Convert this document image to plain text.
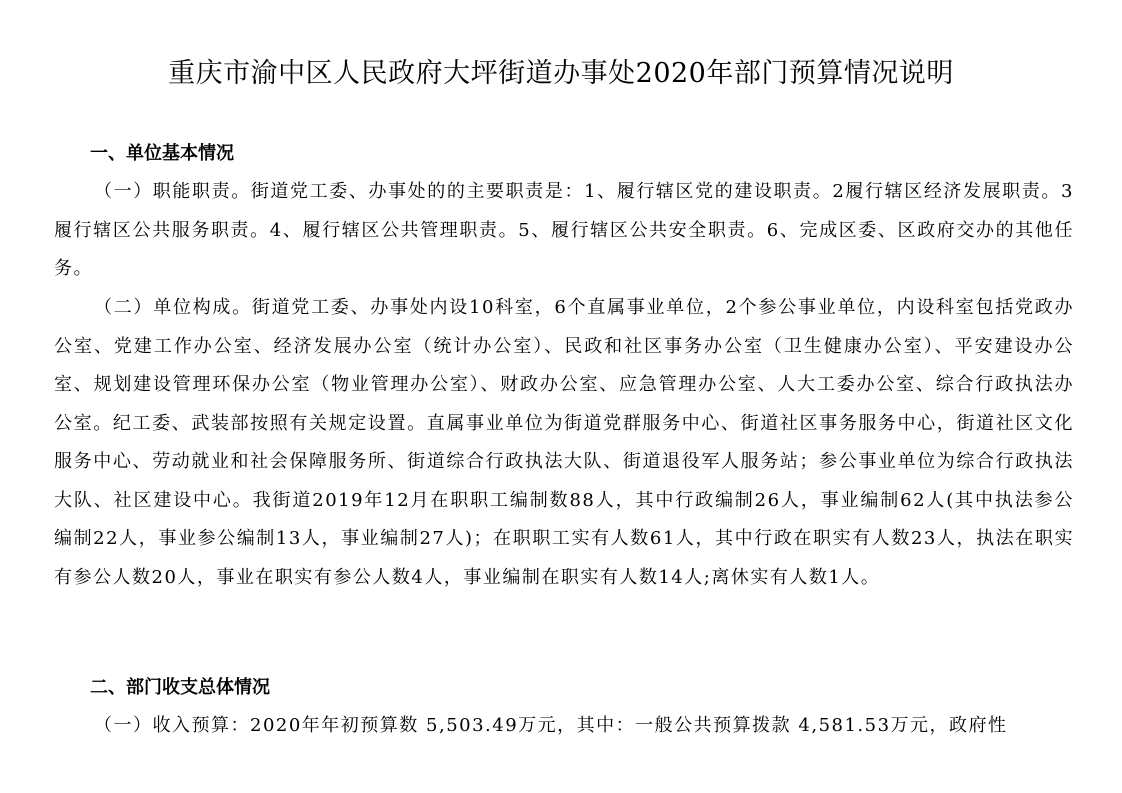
重庆市渝中区人民政府大坪街道办事处2020年部门预算情况说明
一、单位基本情况

（一）职能职责。街道党工委、办事处的的主要职责是：1、履行辖区党的建设职责。2履行辖区经济发展职责。3履行辖区公共服务职责。4、履行辖区公共管理职责。5、履行辖区公共安全职责。6、完成区委、区政府交办的其他任务。

（二）单位构成。街道党工委、办事处内设10科室，6个直属事业单位，2个参公事业单位，内设科室包括党政办公室、党建工作办公室、经济发展办公室（统计办公室）、民政和社区事务办公室（卫生健康办公室）、平安建设办公室、规划建设管理环保办公室（物业管理办公室）、财政办公室、应急管理办公室、人大工委办公室、综合行政执法办公室。纪工委、武装部按照有关规定设置。直属事业单位为街道党群服务中心、街道社区事务服务中心，街道社区文化服务中心、劳动就业和社会保障服务所、街道综合行政执法大队、街道退役军人服务站；参公事业单位为综合行政执法大队、社区建设中心。我街道2019年12月在职职工编制数88人，其中行政编制26人，事业编制62人(其中执法参公编制22人，事业参公编制13人，事业编制27人)；在职职工实有人数61人，其中行政在职实有人数23人，执法在职实有参公人数20人，事业在职实有参公人数4人，事业编制在职实有人数14人;离休实有人数1人。

二、部门收支总体情况

（一）收入预算：2020年年初预算数 5,503.49万元，其中：一般公共预算拨款 4,581.53万元，政府性
